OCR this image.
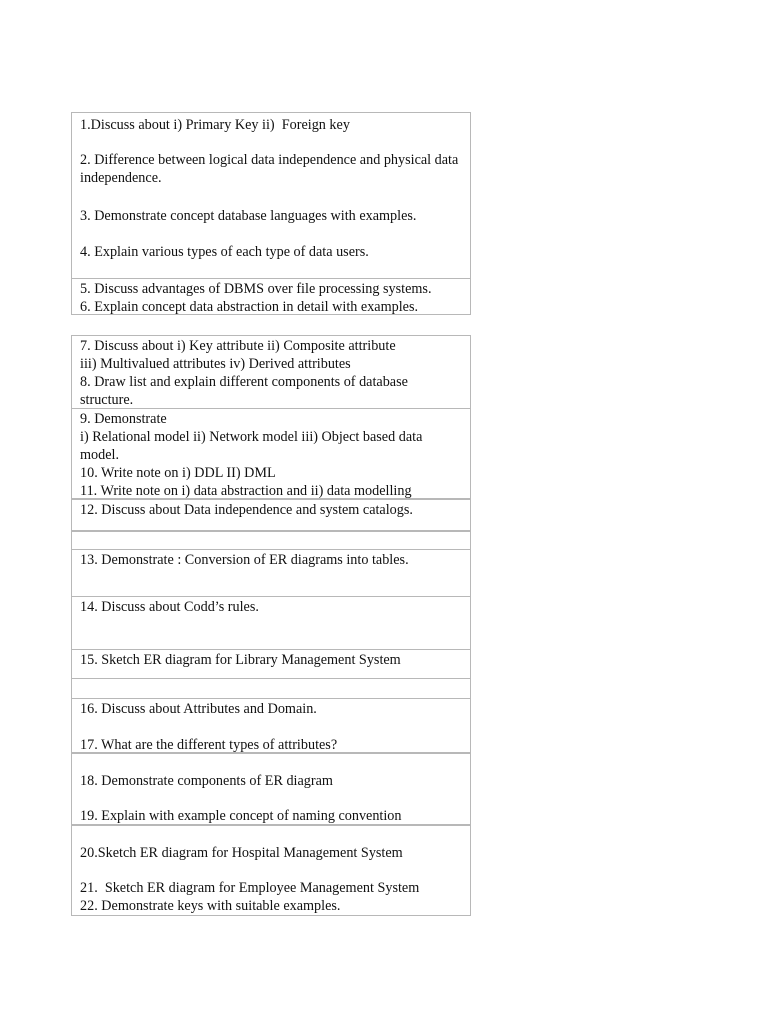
1.Discuss about i) Primary Key ii)  Foreign key
2. Difference between logical data independence and physical data independence.
3. Demonstrate concept database languages with examples.
4. Explain various types of each type of data users.
5. Discuss advantages of DBMS over file processing systems.
6. Explain concept data abstraction in detail with examples.
7. Discuss about i) Key attribute ii) Composite attribute
iii) Multivalued attributes iv) Derived attributes
8. Draw list and explain different components of database structure.
9. Demonstrate
i) Relational model ii) Network model iii) Object based data model.
10. Write note on i) DDL II) DML
11. Write note on i) data abstraction and ii) data modelling
12. Discuss about Data independence and system catalogs.
13. Demonstrate : Conversion of ER diagrams into tables.
14. Discuss about Codd’s rules.
15. Sketch ER diagram for Library Management System
16. Discuss about Attributes and Domain.
17. What are the different types of attributes?
18. Demonstrate components of ER diagram
19. Explain with example concept of naming convention
20.Sketch ER diagram for Hospital Management System
21.  Sketch ER diagram for Employee Management System
22. Demonstrate keys with suitable examples.
